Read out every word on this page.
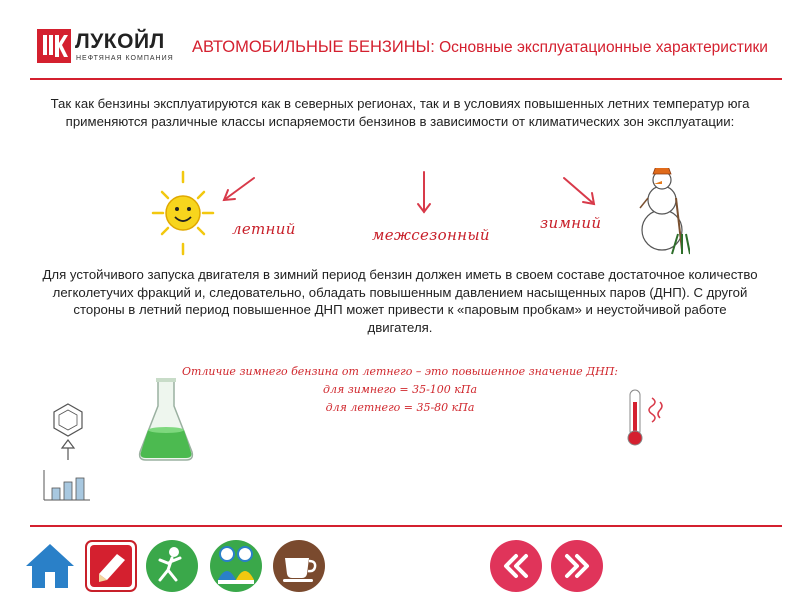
ЛУКОЙЛ
НЕФТЯНАЯ КОМПАНИЯ
АВТОМОБИЛЬНЫЕ БЕНЗИНЫ: Основные эксплуатационные характеристики
Так как бензины эксплуатируются как в северных регионах, так и в условиях повышенных летних температур юга применяются различные классы испаряемости бензинов в зависимости от климатических зон эксплуатации:
летний	межсезонный
зимний
Для устойчивого запуска двигателя в зимний период бензин должен иметь в своем составе достаточное количество легколетучих фракций и, следовательно, обладать повышенным давлением насыщенных паров (ДНП). С другой стороны в летний период повышенное ДНП может привести к «паровым пробкам» и неустойчивой работе двигателя.
Отличие зимнего бензина от летнего – это повышенное значение ДНП:
для зимнего = 35-100 кПа
для летнего = 35-80 кПа
